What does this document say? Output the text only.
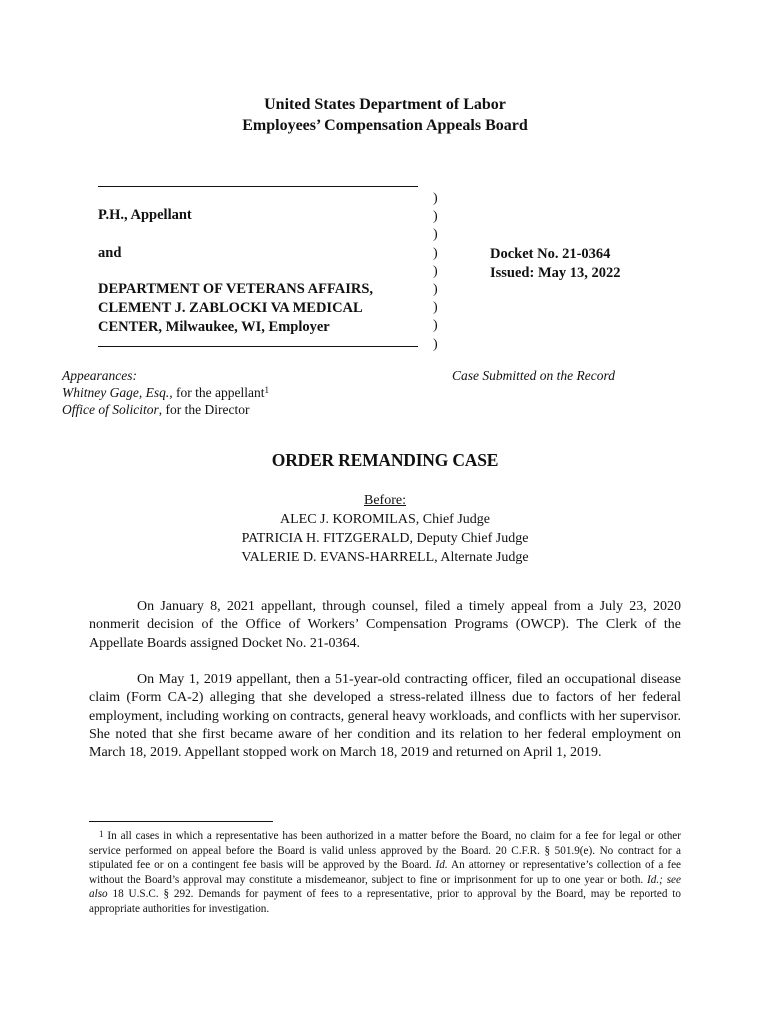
United States Department of Labor
Employees’ Compensation Appeals Board
P.H., Appellant
and
DEPARTMENT OF VETERANS AFFAIRS,
CLEMENT J. ZABLOCKI VA MEDICAL
CENTER, Milwaukee, WI, Employer
)
)
)
)
)
)
)
)
)
Docket No. 21-0364
Issued: May 13, 2022
Appearances:
Whitney Gage, Esq., for the appellant$^1$
Office of Solicitor, for the Director
Case Submitted on the Record
ORDER REMANDING CASE
Before:
ALEC J. KOROMILAS, Chief Judge
PATRICIA H. FITZGERALD, Deputy Chief Judge
VALERIE D. EVANS-HARRELL, Alternate Judge

On January 8, 2021 appellant, through counsel, filed a timely appeal from a July 23, 2020 nonmerit decision of the Office of Workers’ Compensation Programs (OWCP). The Clerk of the Appellate Boards assigned Docket No. 21-0364.

On May 1, 2019 appellant, then a 51-year-old contracting officer, filed an occupational disease claim (Form CA-2) alleging that she developed a stress-related illness due to factors of her federal employment, including working on contracts, general heavy workloads, and conflicts with her supervisor. She noted that she first became aware of her condition and its relation to her federal employment on March 18, 2019. Appellant stopped work on March 18, 2019 and returned on April 1, 2019.

$^1$ In all cases in which a representative has been authorized in a matter before the Board, no claim for a fee for legal or other service performed on appeal before the Board is valid unless approved by the Board. 20 C.F.R. § 501.9(e). No contract for a stipulated fee or on a contingent fee basis will be approved by the Board. Id. An attorney or representative’s collection of a fee without the Board’s approval may constitute a misdemeanor, subject to fine or imprisonment for up to one year or both. Id.; see also 18 U.S.C. § 292. Demands for payment of fees to a representative, prior to approval by the Board, may be reported to appropriate authorities for investigation.
